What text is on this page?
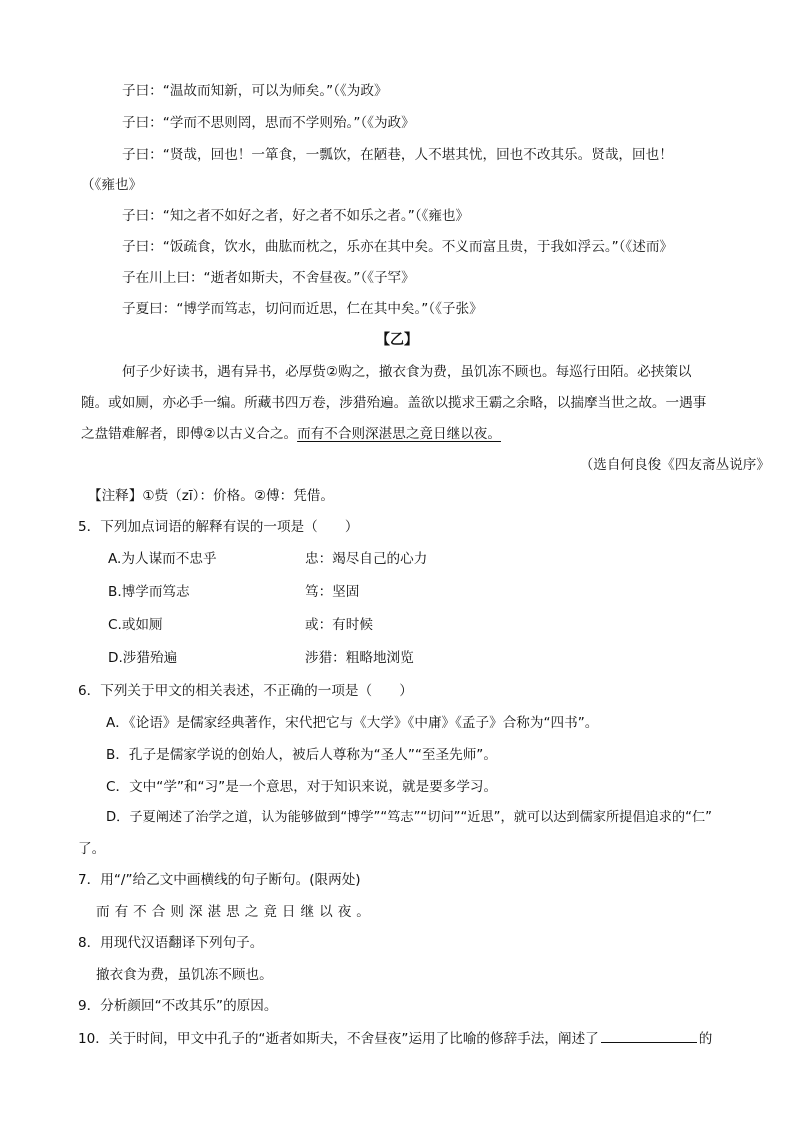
子曰：“温故而知新，可以为师矣。”（《为政》
子曰：“学而不思则罔，思而不学则殆。”（《为政》
子曰：“贤哉，回也！一箪食，一瓢饮，在陋巷，人不堪其忧，回也不改其乐。贤哉，回也！
（《雍也》
子曰：“知之者不如好之者，好之者不如乐之者。”（《雍也》
子曰：“饭疏食，饮水，曲肱而枕之，乐亦在其中矣。不义而富且贵，于我如浮云。”（《述而》
子在川上曰：“逝者如斯夫，不舍昼夜。”（《子罕》
子夏曰：“博学而笃志，切问而近思，仁在其中矣。”（《子张》
【乙】
何子少好读书，遇有异书，必厚赀②购之，撤衣食为费，虽饥冻不顾也。每巡行田陌。必挟策以
随。或如厕，亦必手一编。所藏书四万卷，涉猎殆遍。盖欲以揽求王霸之余略，以揣摩当世之故。一遇事
之盘错难解者，即傅②以古义合之。而有不合则深湛思之竟日继以夜。
（选自何良俊《四友斋丛说序》
【注释】①赀（zī）：价格。②傅：凭借。
5．下列加点词语的解释有误的一项是（　　）
A.为人谋而不忠乎	忠：竭尽自己的心力
B.博学而笃志	笃：坚固
C.或如厕	或：有时候
D.涉猎殆遍	涉猎：粗略地浏览
6．下列关于甲文的相关表述，不正确的一项是（　　）
A．《论语》是儒家经典著作，宋代把它与《大学》《中庸》《孟子》合称为“四书”。
B．孔子是儒家学说的创始人，被后人尊称为“圣人”“至圣先师”。
C．文中“学”和“习”是一个意思，对于知识来说，就是要多学习。
D．子夏阐述了治学之道，认为能够做到“博学”“笃志”“切问”“近思”，就可以达到儒家所提倡追求的“仁”
了。
7．用“/”给乙文中画横线的句子断句。(限两处)
而有不合则深湛思之竟日继以夜。
8．用现代汉语翻译下列句子。
撤衣食为费，虽饥冻不顾也。
9．分析颜回“不改其乐”的原因。
10．关于时间，甲文中孔子的“逝者如斯夫，不舍昼夜”运用了比喻的修辞手法，阐述了	的
